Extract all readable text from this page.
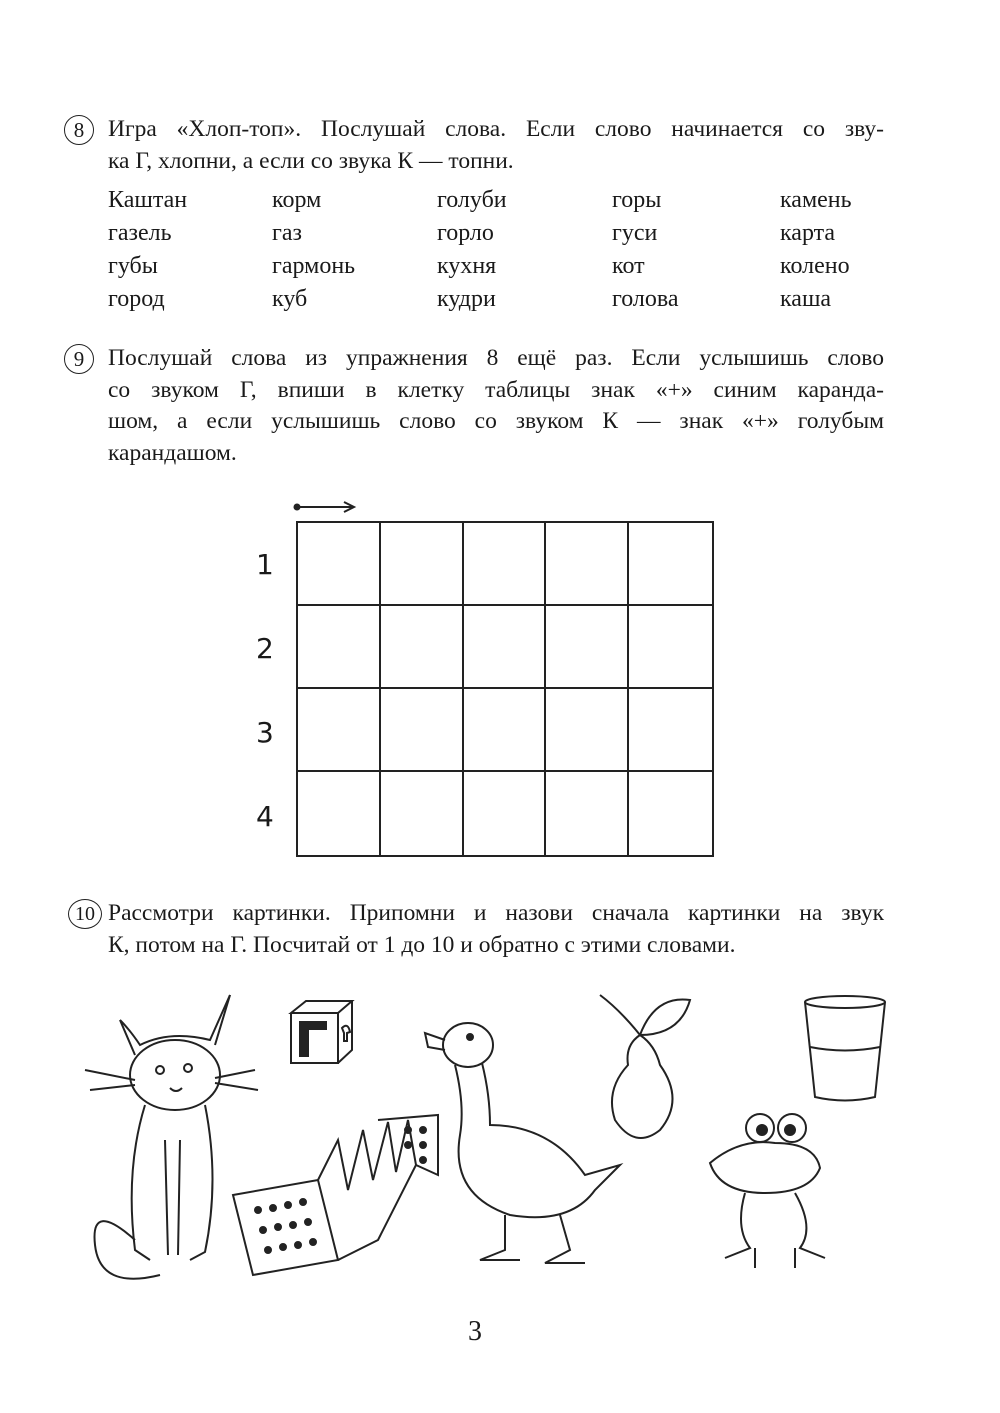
8	Игра «Хлоп-топ». Послушай слова. Если слово начинается со зву-
ка Г, хлопни, а если со звука К — топни.
Каштан	корм	голуби	горы	камень
газель	газ	горло	гуси	карта
губы	гармонь	кухня	кот	колено
город	куб	кудри	голова	каша
9	Послушай слова из упражнения 8 ещё раз. Если услышишь слово
со звуком Г, впиши в клетку таблицы знак «+» синим каранда-
шом, а если услышишь слово со звуком К — знак «+» голубым
карандашом.
1
2
3
4
10 Рассмотри картинки. Припомни и назови сначала картинки на звук
К, потом на Г. Посчитай от 1 до 10 и обратно с этими словами.
3
